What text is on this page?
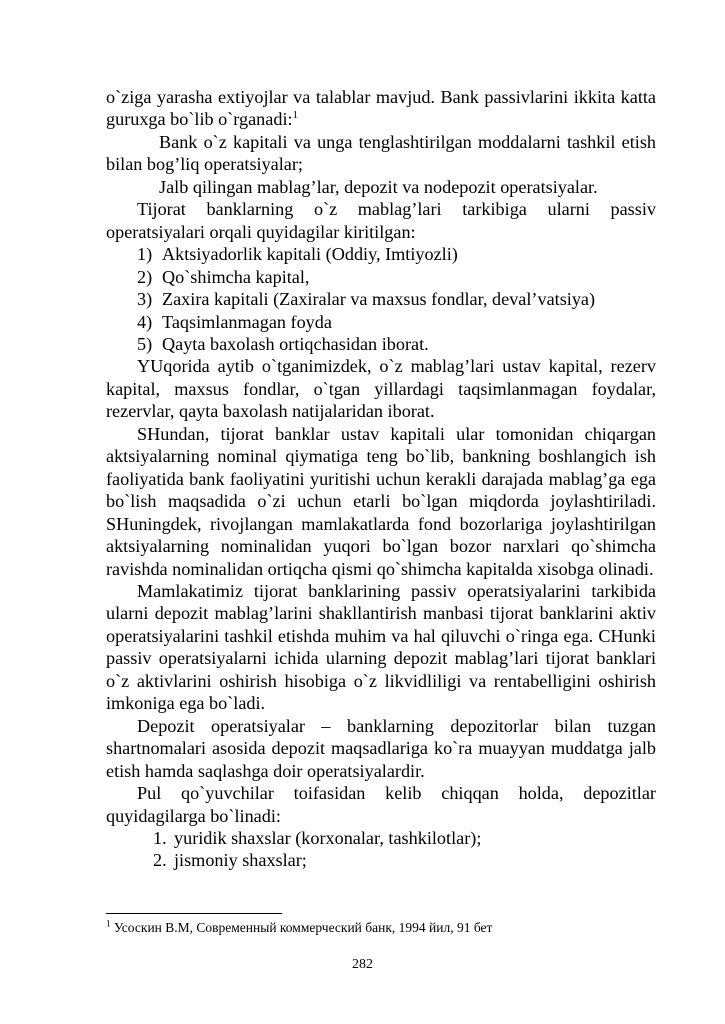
o`ziga yarasha extiyojlar va talablar mavjud. Bank passivlarini ikkita katta guruxga bo`lib o`rganadi:$^1$

Bank o`z kapitali va unga tenglashtirilgan moddalarni tashkil etish bilan bog’liq operatsiyalar;

Jalb qilingan mablag’lar, depozit va nodepozit operatsiyalar.

Tijorat banklarning o`z mablag’lari tarkibiga ularni passiv operatsiyalari orqali quyidagilar kiritilgan:

1) Aktsiyadorlik kapitali (Oddiy, Imtiyozli)
2) Qo`shimcha kapital,
3) Zaxira kapitali (Zaxiralar va maxsus fondlar, deval’vatsiya)
4) Taqsimlanmagan foyda
5) Qayta baxolash ortiqchasidan iborat.

YUqorida aytib o`tganimizdek, o`z mablag’lari ustav kapital, rezerv kapital, maxsus fondlar, o`tgan yillardagi taqsimlanmagan foydalar, rezervlar, qayta baxolash natijalaridan iborat.

SHundan, tijorat banklar ustav kapitali ular tomonidan chiqargan aktsiyalarning nominal qiymatiga teng bo`lib, bankning boshlangich ish faoliyatida bank faoliyatini yuritishi uchun kerakli darajada mablag’ga ega bo`lish maqsadida o`zi uchun etarli bo`lgan miqdorda joylashtiriladi. SHuningdek, rivojlangan mamlakatlarda fond bozorlariga joylashtirilgan aktsiyalarning nominalidan yuqori bo`lgan bozor narxlari qo`shimcha ravishda nominalidan ortiqcha qismi qo`shimcha kapitalda xisobga olinadi.

Mamlakatimiz tijorat banklarining passiv operatsiyalarini tarkibida ularni depozit mablag’larini shakllantirish manbasi tijorat banklarini aktiv operatsiyalarini tashkil etishda muhim va hal qiluvchi o`ringa ega. CHunki passiv operatsiyalarni ichida ularning depozit mablag’lari tijorat banklari o`z aktivlarini oshirish hisobiga o`z likvidliligi va rentabelligini oshirish imkoniga ega bo`ladi.

Depozit operatsiyalar – banklarning depozitorlar bilan tuzgan shartnomalari asosida depozit maqsadlariga ko`ra muayyan muddatga jalb etish hamda saqlashga doir operatsiyalardir.

Pul qo`yuvchilar toifasidan kelib chiqqan holda, depozitlar quyidagilarga bo`linadi:

1. yuridik shaxslar (korxonalar, tashkilotlar);
2. jismoniy shaxslar;
$^1$ Усоскин В.М, Современный коммерческий банк, 1994 йил, 91 бет
282
